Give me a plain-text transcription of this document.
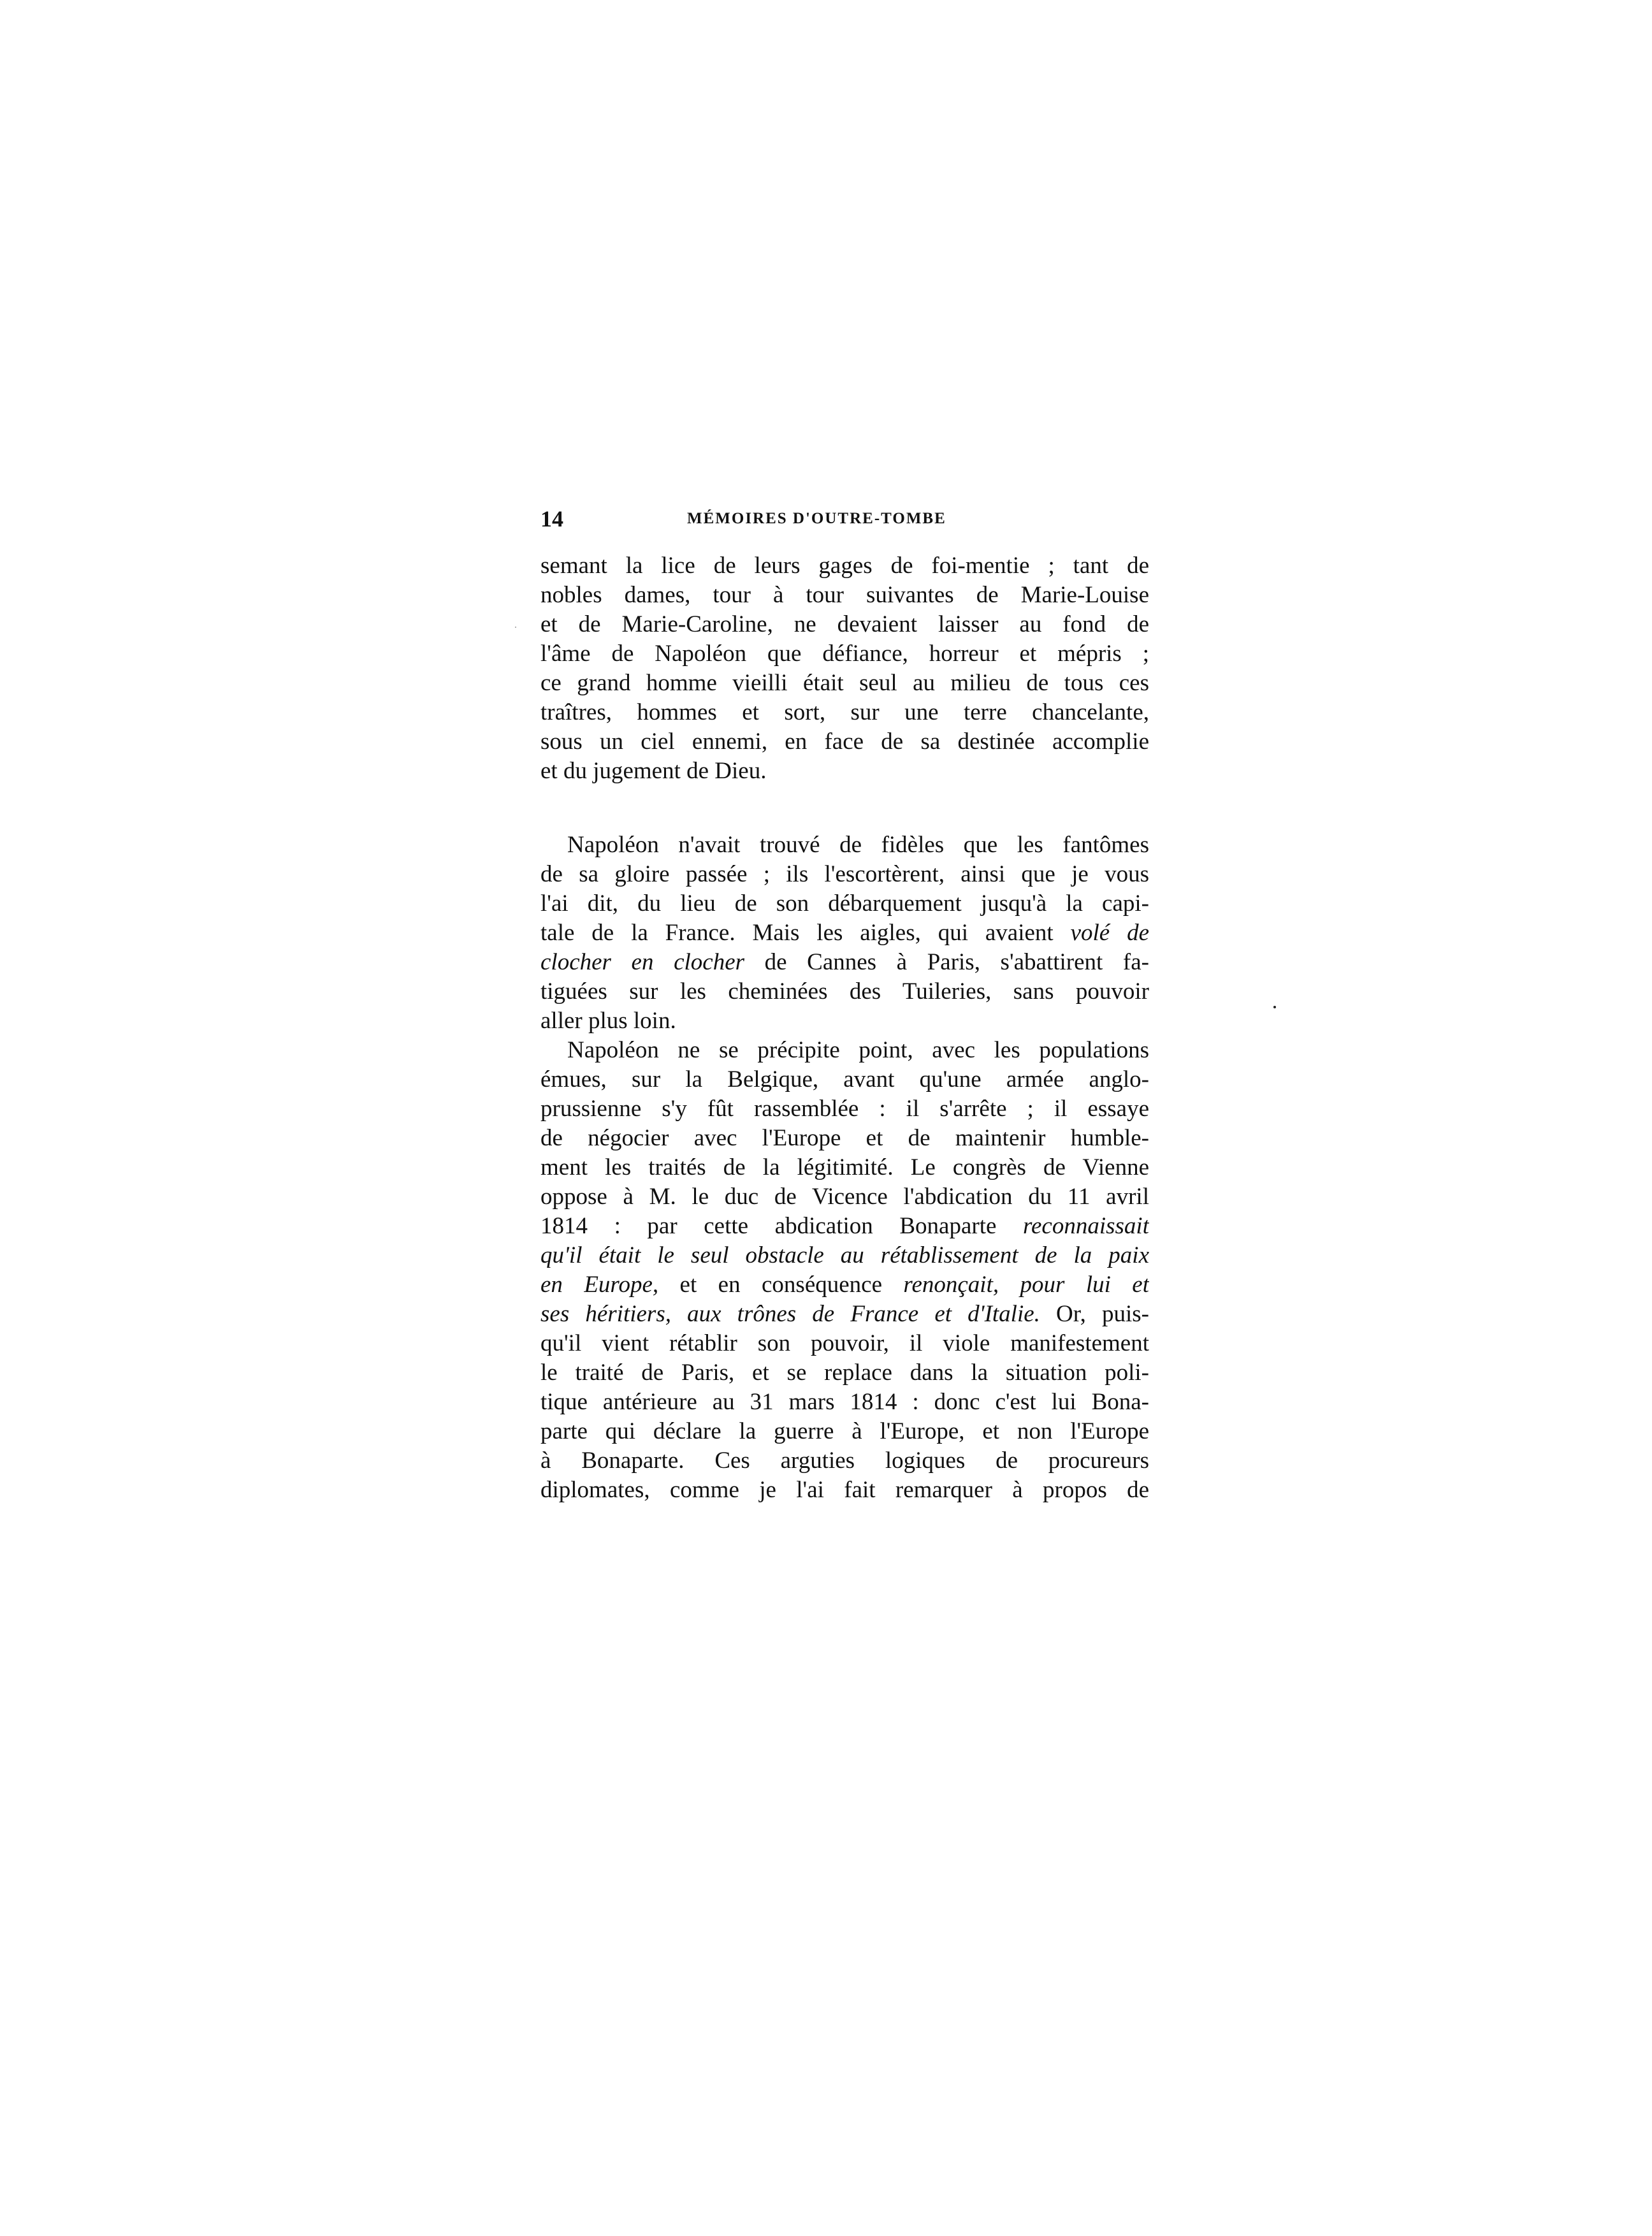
14	MÉMOIRES D'OUTRE-TOMBE
semant la lice de leurs gages de foi-mentie ; tant de
nobles dames, tour à tour suivantes de Marie-Louise
et de Marie-Caroline, ne devaient laisser au fond de
l'âme de Napoléon que défiance, horreur et mépris ;
ce grand homme vieilli était seul au milieu de tous ces
traîtres, hommes et sort, sur une terre chancelante,
sous un ciel ennemi, en face de sa destinée accomplie
et du jugement de Dieu.
Napoléon n'avait trouvé de fidèles que les fantômes
de sa gloire passée ; ils l'escortèrent, ainsi que je vous
l'ai dit, du lieu de son débarquement jusqu'à la capi-
tale de la France. Mais les aigles, qui avaient volé de
clocher en clocher de Cannes à Paris, s'abattirent fa-
tiguées sur les cheminées des Tuileries, sans pouvoir
aller plus loin.
Napoléon ne se précipite point, avec les populations
émues, sur la Belgique, avant qu'une armée anglo-
prussienne s'y fût rassemblée : il s'arrête ; il essaye
de négocier avec l'Europe et de maintenir humble-
ment les traités de la légitimité. Le congrès de Vienne
oppose à M. le duc de Vicence l'abdication du 11 avril
1814 : par cette abdication Bonaparte reconnaissait
qu'il était le seul obstacle au rétablissement de la paix
en Europe, et en conséquence renonçait, pour lui et
ses héritiers, aux trônes de France et d'Italie. Or, puis-
qu'il vient rétablir son pouvoir, il viole manifestement
le traité de Paris, et se replace dans la situation poli-
tique antérieure au 31 mars 1814 : donc c'est lui Bona-
parte qui déclare la guerre à l'Europe, et non l'Europe
à Bonaparte. Ces arguties logiques de procureurs
diplomates, comme je l'ai fait remarquer à propos de
